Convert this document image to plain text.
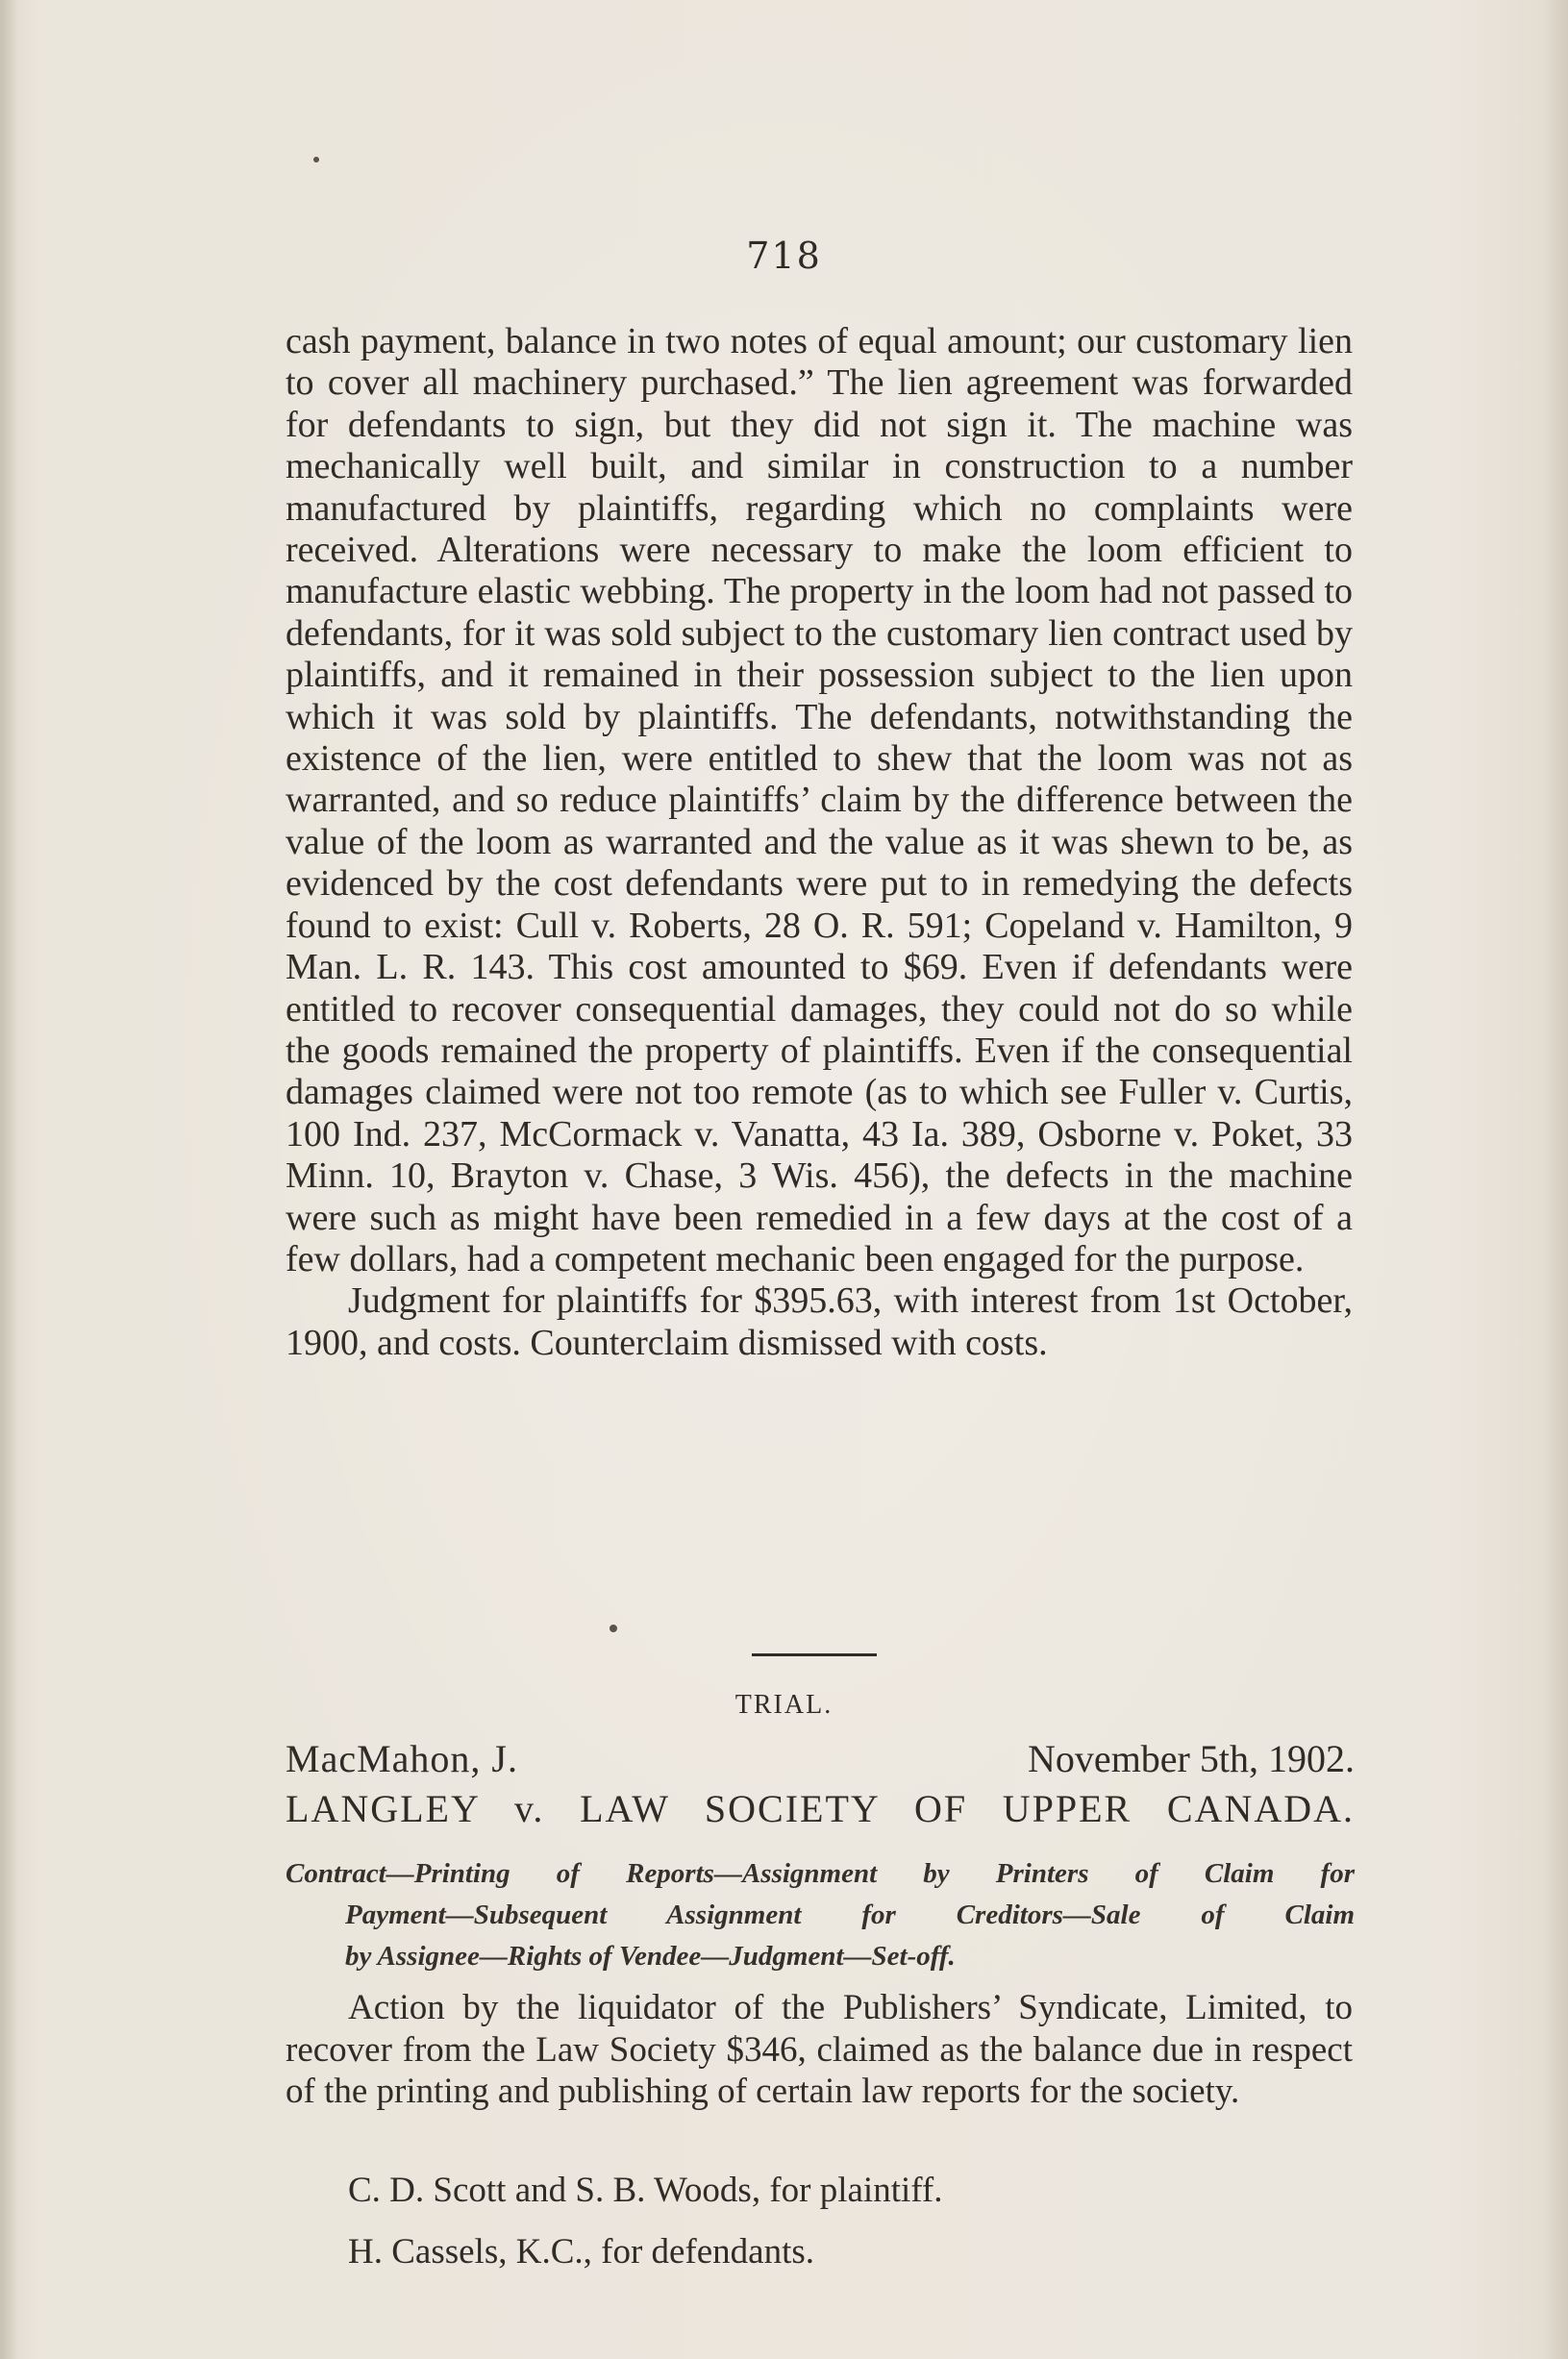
718

cash payment, balance in two notes of equal amount; our customary lien to cover all machinery purchased.” The lien agreement was forwarded for defendants to sign, but they did not sign it. The machine was mechanically well built, and similar in construction to a number manufactured by plaintiffs, regarding which no complaints were received. Alterations were necessary to make the loom efficient to manufacture elastic webbing. The property in the loom had not passed to defendants, for it was sold subject to the customary lien contract used by plaintiffs, and it remained in their possession subject to the lien upon which it was sold by plaintiffs. The defendants, notwithstanding the existence of the lien, were entitled to shew that the loom was not as warranted, and so reduce plaintiffs’ claim by the difference between the value of the loom as warranted and the value as it was shewn to be, as evidenced by the cost defendants were put to in remedying the defects found to exist: Cull v. Roberts, 28 O. R. 591; Copeland v. Hamilton, 9 Man. L. R. 143. This cost amounted to $69. Even if defendants were entitled to recover consequential damages, they could not do so while the goods remained the property of plaintiffs. Even if the consequential damages claimed were not too remote (as to which see Fuller v. Curtis, 100 Ind. 237, McCormack v. Vanatta, 43 Ia. 389, Osborne v. Poket, 33 Minn. 10, Brayton v. Chase, 3 Wis. 456), the defects in the machine were such as might have been remedied in a few days at the cost of a few dollars, had a competent mechanic been engaged for the purpose.

Judgment for plaintiffs for $395.63, with interest from 1st October, 1900, and costs. Counterclaim dismissed with costs.

TRIAL.
MacMahon, J.	November 5th, 1902.
LANGLEY v. LAW SOCIETY OF UPPER CANADA.
Contract—Printing of Reports—Assignment by Printers of Claim for
Payment—Subsequent Assignment for Creditors—Sale of Claim
by Assignee—Rights of Vendee—Judgment—Set-off.
Action by the liquidator of the Publishers’ Syndicate, Limited, to recover from the Law Society $346, claimed as the balance due in respect of the printing and publishing of certain law reports for the society.
C. D. Scott and S. B. Woods, for plaintiff.
H. Cassels, K.C., for defendants.
